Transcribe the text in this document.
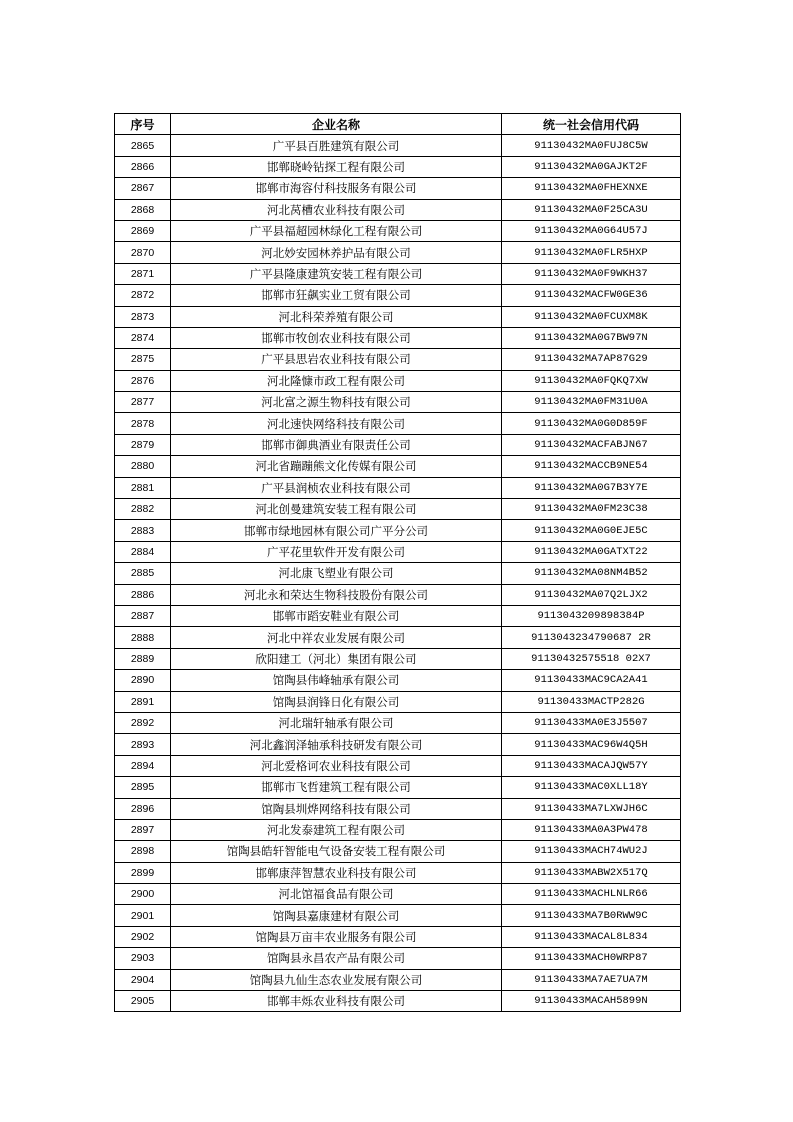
序号	企业名称	统一社会信用代码
2865	广平县百胜建筑有限公司	91130432MA0FUJ8C5W
2866	邯郸晓岭钻探工程有限公司	91130432MA0GAJKT2F
2867	邯郸市海容付科技服务有限公司	91130432MA0FHEXNXE
2868	河北莴槽农业科技有限公司	91130432MA0F25CA3U
2869	广平县福超园林绿化工程有限公司	91130432MA0G64U57J
2870	河北妙安园林养护品有限公司	91130432MA0FLR5HXP
2871	广平县隆康建筑安装工程有限公司	91130432MA0F9WKH37
2872	邯郸市狂飙实业工贸有限公司	91130432MACFW0GE36
2873	河北科荣养殖有限公司	91130432MA0FCUXM8K
2874	邯郸市牧创农业科技有限公司	91130432MA0G7BW97N
2875	广平县思岩农业科技有限公司	91130432MA7AP87G29
2876	河北隆慷市政工程有限公司	91130432MA0FQKQ7XW
2877	河北富之源生物科技有限公司	91130432MA0FM31U0A
2878	河北速快网络科技有限公司	91130432MA0G0D859F
2879	邯郸市御典酒业有限责任公司	91130432MACFABJN67
2880	河北省蹦蹦熊文化传媒有限公司	91130432MACCB9NE54
2881	广平县润桢农业科技有限公司	91130432MA0G7B3Y7E
2882	河北创曼建筑安装工程有限公司	91130432MA0FM23C38
2883	邯郸市绿地园林有限公司广平分公司	91130432MA0G0EJE5C
2884	广平花里软件开发有限公司	91130432MA0GATXT22
2885	河北康飞塑业有限公司	91130432MA08NM4B52
2886	河北永和荣达生物科技股份有限公司	91130432MA07Q2LJX2
2887	邯郸市蹈安鞋业有限公司	9113043209898384P
2888	河北中祥农业发展有限公司	9113043234790687 2R
2889	欣阳建工（河北）集团有限公司	91130432575518 02X7
2890	馆陶县伟峰轴承有限公司	91130433MAC9CA2A41
2891	馆陶县润锋日化有限公司	91130433MACTP282G
2892	河北瑞轩轴承有限公司	91130433MA0E3J5507
2893	河北鑫润泽轴承科技研发有限公司	91130433MAC96W4Q5H
2894	河北爱格诃农业科技有限公司	91130433MACAJQW57Y
2895	邯郸市飞哲建筑工程有限公司	91130433MAC0XLL18Y
2896	馆陶县圳烨网络科技有限公司	91130433MA7LXWJH6C
2897	河北发泰建筑工程有限公司	91130433MA0A3PW478
2898	馆陶县皓轩智能电气设备安装工程有限公司	91130433MACH74WU2J
2899	邯郸康萍智慧农业科技有限公司	91130433MABW2X517Q
2900	河北馆福食品有限公司	91130433MACHLNLR66
2901	馆陶县嘉康建材有限公司	91130433MA7B0RWW9C
2902	馆陶县万亩丰农业服务有限公司	91130433MACAL8L834
2903	馆陶县永昌农产品有限公司	91130433MACH0WRP87
2904	馆陶县九仙生态农业发展有限公司	91130433MA7AE7UA7M
2905	邯郸丰烁农业科技有限公司	91130433MACAH5899N
